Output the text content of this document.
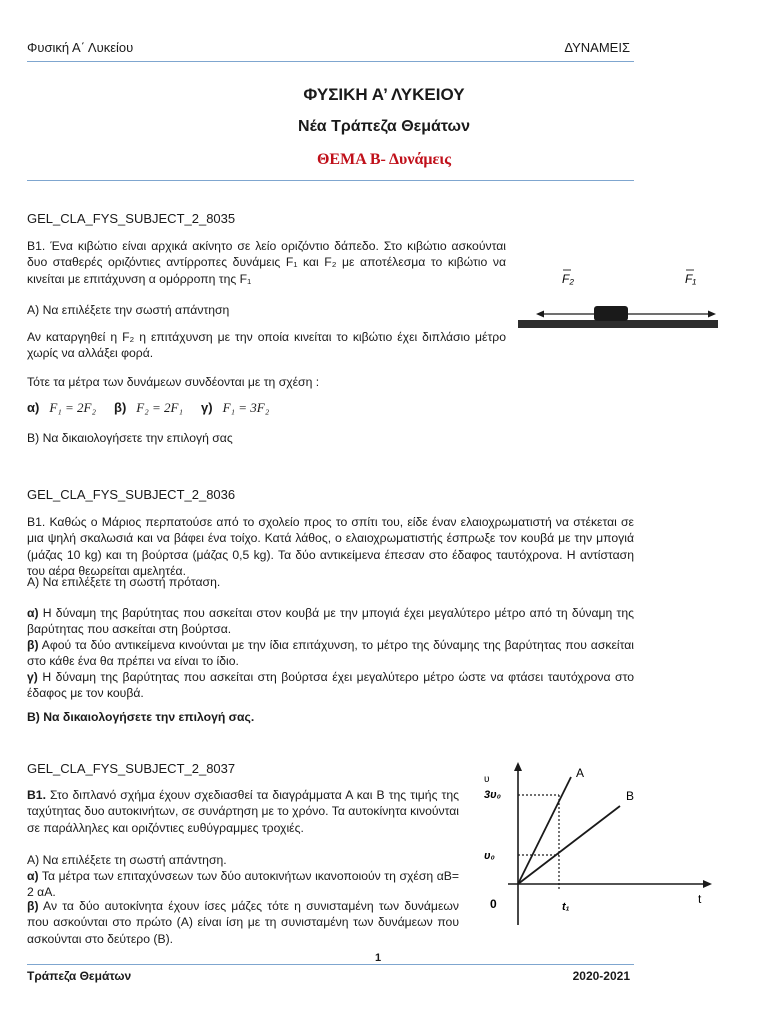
Φυσική Α΄ Λυκείου	ΔΥΝΑΜΕΙΣ
ΦΥΣΙΚΗ Α’ ΛΥΚΕΙΟΥ
Νέα Τράπεζα Θεμάτων
ΘΕΜΑ Β- Δυνάμεις
GEL_CLA_FYS_SUBJECT_2_8035
Β1. Ένα κιβώτιο είναι αρχικά ακίνητο σε λείο οριζόντιο δάπεδο. Στο κιβώτιο ασκούνται δυο σταθερές οριζόντιες αντίρροπες δυνάμεις F₁ και F₂ με αποτέλεσμα το κιβώτιο να κινείται με επιτάχυνση α ομόρροπη της F₁
Α) Να επιλέξετε την σωστή απάντηση
Αν καταργηθεί η F₂ η επιτάχυνση με την οποία κινείται το κιβώτιο έχει διπλάσιο μέτρο χωρίς να αλλάξει φορά.
Τότε τα μέτρα των δυνάμεων συνδέονται με τη σχέση :
α) F₁ = 2F₂ β) F₂ = 2F₁ γ) F₁ = 3F₂
Β) Να δικαιολογήσετε την επιλογή σας
F₂	F₁
GEL_CLA_FYS_SUBJECT_2_8036
Β1. Καθώς ο Μάριος περπατούσε από το σχολείο προς το σπίτι του, είδε έναν ελαιοχρωματιστή να στέκεται σε μια ψηλή σκαλωσιά και να βάφει ένα τοίχο. Κατά λάθος, ο ελαιοχρωματιστής έσπρωξε τον κουβά με την μπογιά (μάζας 10 kg) και τη βούρτσα (μάζας 0,5 kg). Τα δύο αντικείμενα έπεσαν στο έδαφος ταυτόχρονα. Η αντίσταση του αέρα θεωρείται αμελητέα.
Α) Να επιλέξετε τη σωστή πρόταση.
α) Η δύναμη της βαρύτητας που ασκείται στον κουβά με την μπογιά έχει μεγαλύτερο μέτρο από τη δύναμη της βαρύτητας που ασκείται στη βούρτσα.
β) Αφού τα δύο αντικείμενα κινούνται με την ίδια επιτάχυνση, το μέτρο της δύναμης της βαρύτητας που ασκείται στο κάθε ένα θα πρέπει να είναι το ίδιο.
γ) Η δύναμη της βαρύτητας που ασκείται στη βούρτσα έχει μεγαλύτερο μέτρο ώστε να φτάσει ταυτόχρονα στο έδαφος με τον κουβά.
Β) Να δικαιολογήσετε την επιλογή σας.
GEL_CLA_FYS_SUBJECT_2_8037
Β1. Στο διπλανό σχήμα έχουν σχεδιασθεί τα διαγράμματα Α και Β της τιμής της ταχύτητας δυο αυτοκινήτων, σε συνάρτηση με το χρόνο. Τα αυτοκίνητα κινούνται σε παράλληλες και οριζόντιες ευθύγραμμες τροχιές.
Α) Να επιλέξετε τη σωστή απάντηση.
α) Τα μέτρα των επιταχύνσεων των δύο αυτοκινήτων ικανοποιούν τη σχέση αΒ= 2 αΑ.
β) Αν τα δύο αυτοκίνητα έχουν ίσες μάζες τότε η συνισταμένη των δυνάμεων που ασκούνται στο πρώτο (Α) είναι ίση με τη συνισταμένη των δυνάμεων που ασκούνται στο δεύτερο (Β).
υ
t
0
3υ₀
υ₀
t₁
Α
Β
1
Τράπεζα Θεμάτων	2020-2021
